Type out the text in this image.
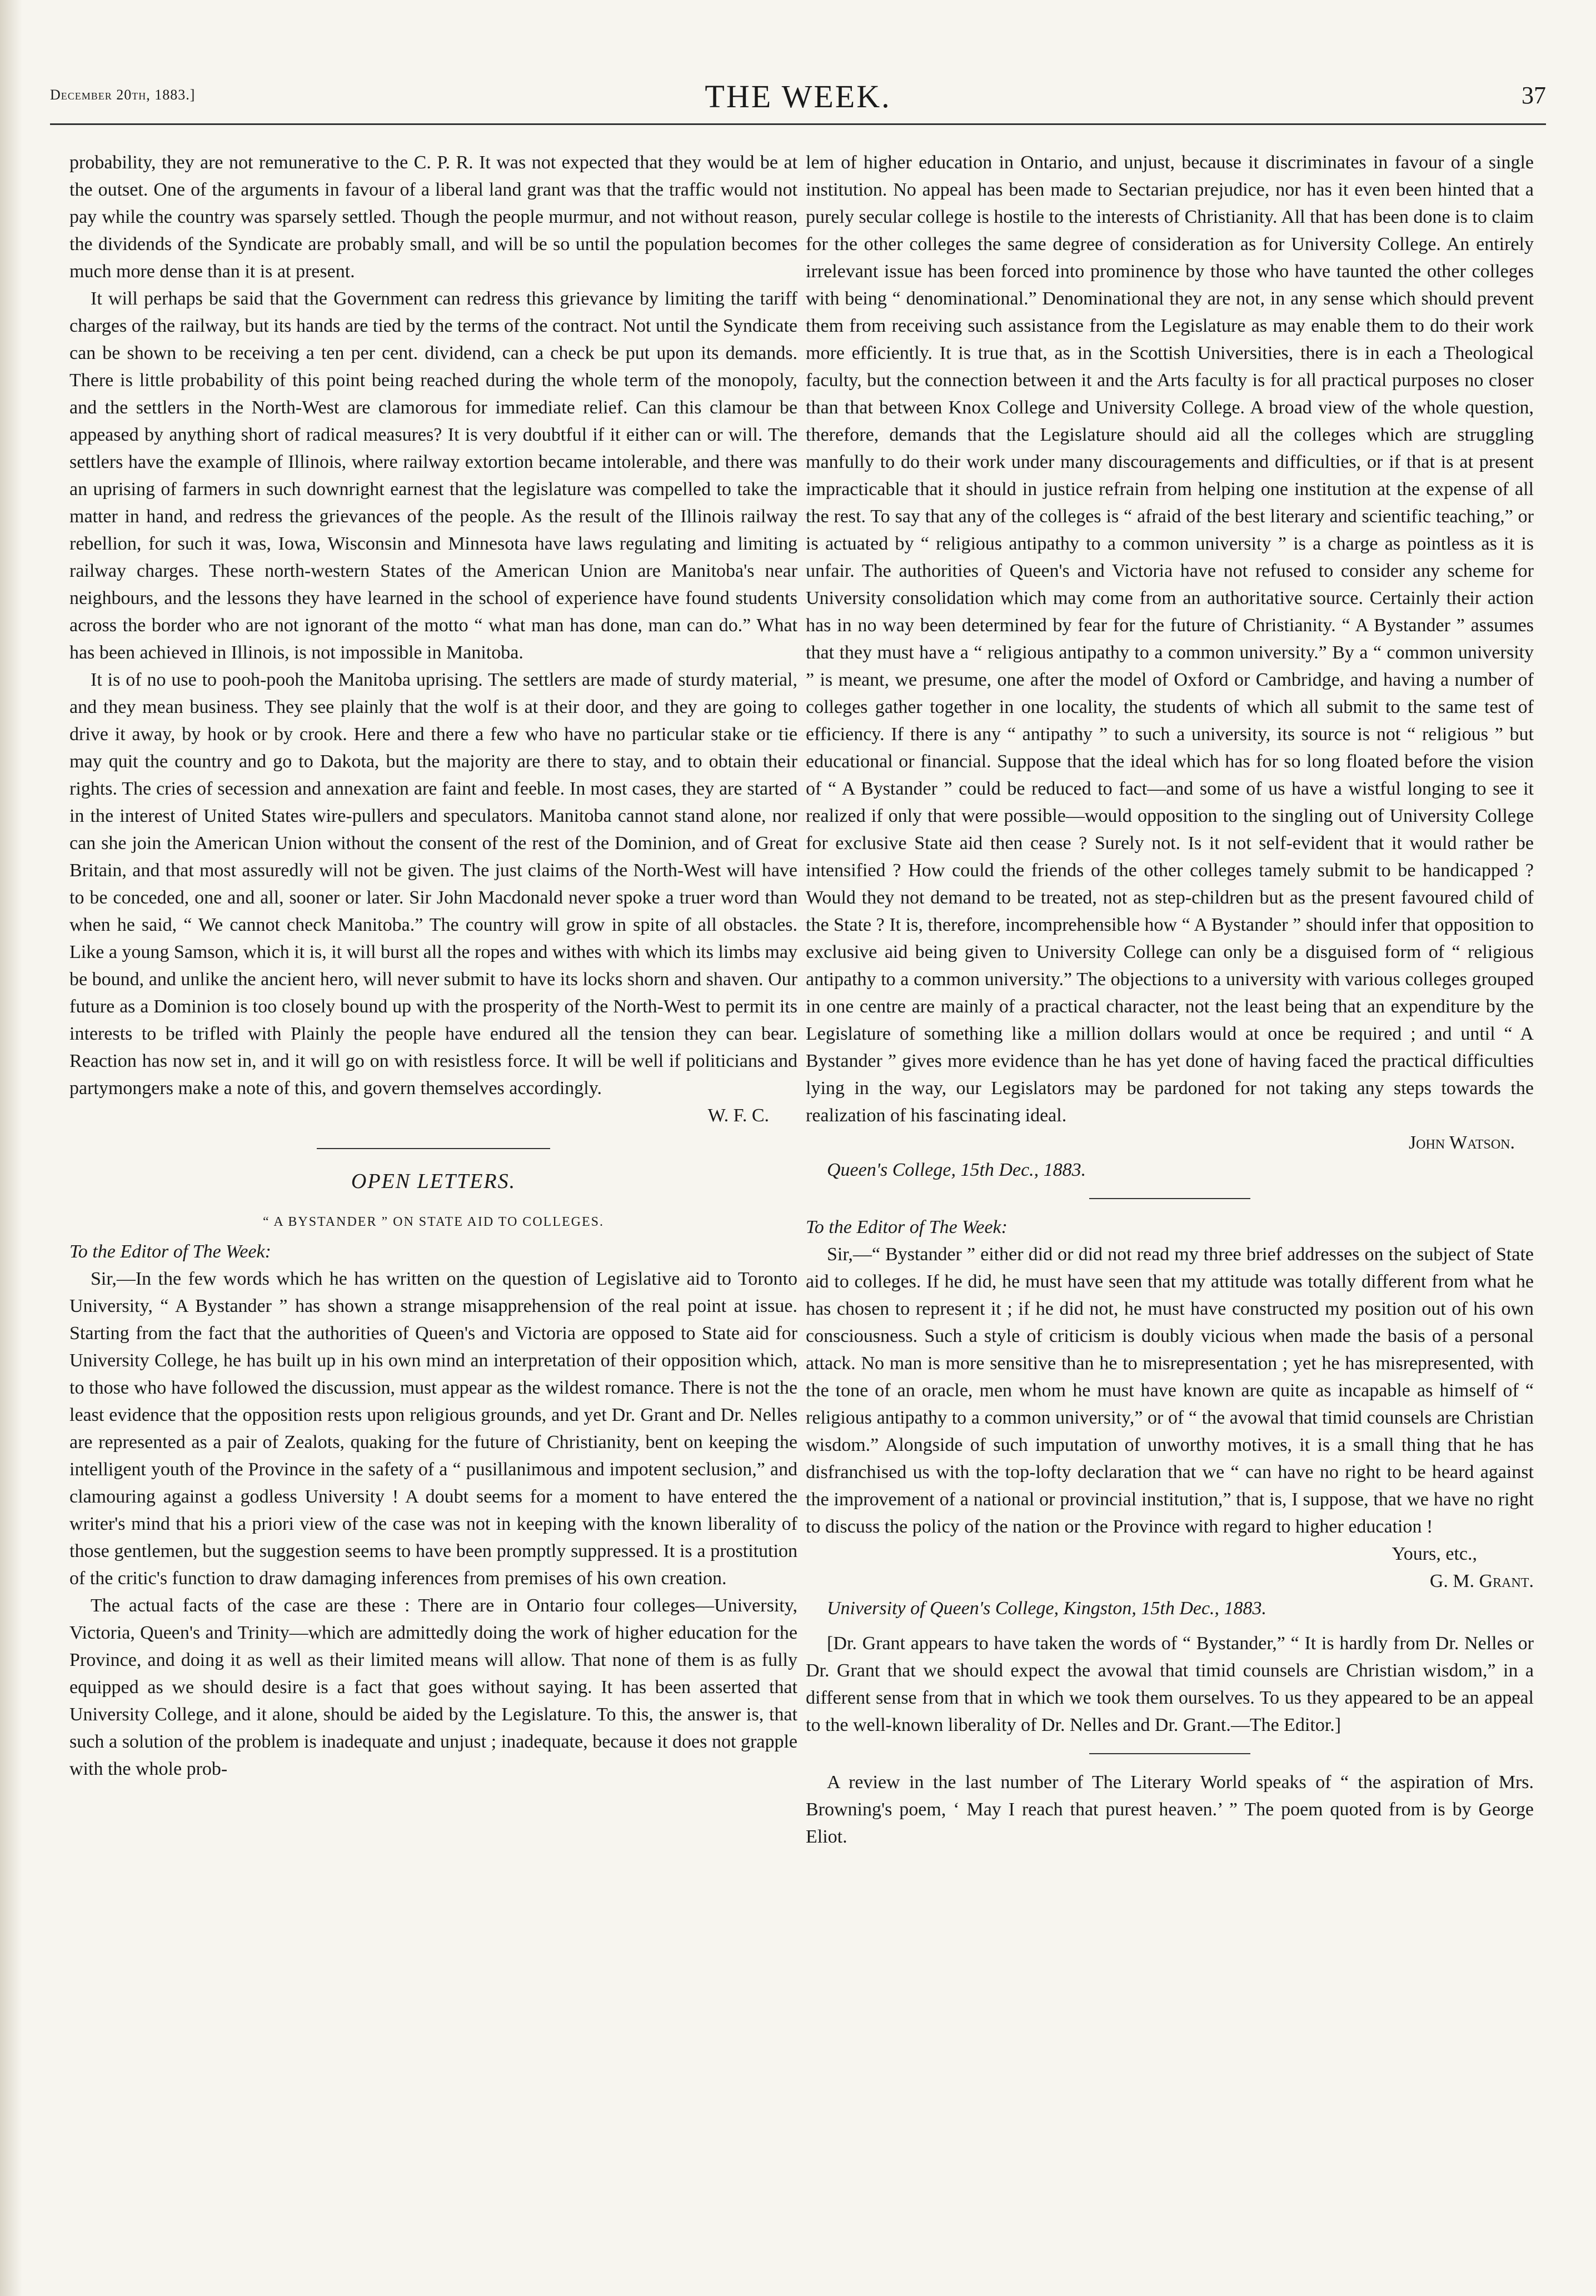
December 20th, 1883.]	THE WEEK.	37

probability, they are not remunerative to the C. P. R. It was not expected that they would be at the outset. One of the arguments in favour of a liberal land grant was that the traffic would not pay while the country was sparsely settled. Though the people murmur, and not without reason, the dividends of the Syndicate are probably small, and will be so until the population becomes much more dense than it is at present.

It will perhaps be said that the Government can redress this grievance by limiting the tariff charges of the railway, but its hands are tied by the terms of the contract. Not until the Syndicate can be shown to be receiving a ten per cent. dividend, can a check be put upon its demands. There is little probability of this point being reached during the whole term of the monopoly, and the settlers in the North-West are clamorous for immediate relief. Can this clamour be appeased by anything short of radical measures? It is very doubtful if it either can or will. The settlers have the example of Illinois, where railway extortion became intolerable, and there was an uprising of farmers in such downright earnest that the legislature was compelled to take the matter in hand, and redress the grievances of the people. As the result of the Illinois railway rebellion, for such it was, Iowa, Wisconsin and Minnesota have laws regulating and limiting railway charges. These north-western States of the American Union are Manitoba's near neighbours, and the lessons they have learned in the school of experience have found students across the border who are not ignorant of the motto “ what man has done, man can do.” What has been achieved in Illinois, is not impossible in Manitoba.

It is of no use to pooh-pooh the Manitoba uprising. The settlers are made of sturdy material, and they mean business. They see plainly that the wolf is at their door, and they are going to drive it away, by hook or by crook. Here and there a few who have no particular stake or tie may quit the country and go to Dakota, but the majority are there to stay, and to obtain their rights. The cries of secession and annexation are faint and feeble. In most cases, they are started in the interest of United States wire-pullers and speculators. Manitoba cannot stand alone, nor can she join the American Union without the consent of the rest of the Dominion, and of Great Britain, and that most assuredly will not be given. The just claims of the North-West will have to be conceded, one and all, sooner or later. Sir John Macdonald never spoke a truer word than when he said, “ We cannot check Manitoba.” The country will grow in spite of all obstacles. Like a young Samson, which it is, it will burst all the ropes and withes with which its limbs may be bound, and unlike the ancient hero, will never submit to have its locks shorn and shaven. Our future as a Dominion is too closely bound up with the prosperity of the North-West to permit its interests to be trifled with Plainly the people have endured all the tension they can bear. Reaction has now set in, and it will go on with resistless force. It will be well if politicians and partymongers make a note of this, and govern themselves accordingly.

W. F. C.
OPEN LETTERS.
“ A BYSTANDER ” ON STATE AID TO COLLEGES.

To the Editor of The Week:

Sir,—In the few words which he has written on the question of Legislative aid to Toronto University, “ A Bystander ” has shown a strange misapprehension of the real point at issue. Starting from the fact that the authorities of Queen's and Victoria are opposed to State aid for University College, he has built up in his own mind an interpretation of their opposition which, to those who have followed the discussion, must appear as the wildest romance. There is not the least evidence that the opposition rests upon religious grounds, and yet Dr. Grant and Dr. Nelles are represented as a pair of Zealots, quaking for the future of Christianity, bent on keeping the intelligent youth of the Province in the safety of a “ pusillanimous and impotent seclusion,” and clamouring against a godless University ! A doubt seems for a moment to have entered the writer's mind that his a priori view of the case was not in keeping with the known liberality of those gentlemen, but the suggestion seems to have been promptly suppressed. It is a prostitution of the critic's function to draw damaging inferences from premises of his own creation.

The actual facts of the case are these : There are in Ontario four colleges—University, Victoria, Queen's and Trinity—which are admittedly doing the work of higher education for the Province, and doing it as well as their limited means will allow. That none of them is as fully equipped as we should desire is a fact that goes without saying. It has been asserted that University College, and it alone, should be aided by the Legislature. To this, the answer is, that such a solution of the problem is inadequate and unjust ; inadequate, because it does not grapple with the whole prob-

lem of higher education in Ontario, and unjust, because it discriminates in favour of a single institution. No appeal has been made to Sectarian prejudice, nor has it even been hinted that a purely secular college is hostile to the interests of Christianity. All that has been done is to claim for the other colleges the same degree of consideration as for University College. An entirely irrelevant issue has been forced into prominence by those who have taunted the other colleges with being “ denominational.” Denominational they are not, in any sense which should prevent them from receiving such assistance from the Legislature as may enable them to do their work more efficiently. It is true that, as in the Scottish Universities, there is in each a Theological faculty, but the connection between it and the Arts faculty is for all practical purposes no closer than that between Knox College and University College. A broad view of the whole question, therefore, demands that the Legislature should aid all the colleges which are struggling manfully to do their work under many discouragements and difficulties, or if that is at present impracticable that it should in justice refrain from helping one institution at the expense of all the rest. To say that any of the colleges is “ afraid of the best literary and scientific teaching,” or is actuated by “ religious antipathy to a common university ” is a charge as pointless as it is unfair. The authorities of Queen's and Victoria have not refused to consider any scheme for University consolidation which may come from an authoritative source. Certainly their action has in no way been determined by fear for the future of Christianity. “ A Bystander ” assumes that they must have a “ religious antipathy to a common university.” By a “ common university ” is meant, we presume, one after the model of Oxford or Cambridge, and having a number of colleges gather together in one locality, the students of which all submit to the same test of efficiency. If there is any “ antipathy ” to such a university, its source is not “ religious ” but educational or financial. Suppose that the ideal which has for so long floated before the vision of “ A Bystander ” could be reduced to fact—and some of us have a wistful longing to see it realized if only that were possible—would opposition to the singling out of University College for exclusive State aid then cease ? Surely not. Is it not self-evident that it would rather be intensified ? How could the friends of the other colleges tamely submit to be handicapped ? Would they not demand to be treated, not as step-children but as the present favoured child of the State ? It is, therefore, incomprehensible how “ A Bystander ” should infer that opposition to exclusive aid being given to University College can only be a disguised form of “ religious antipathy to a common university.” The objections to a university with various colleges grouped in one centre are mainly of a practical character, not the least being that an expenditure by the Legislature of something like a million dollars would at once be required ; and until “ A Bystander ” gives more evidence than he has yet done of having faced the practical difficulties lying in the way, our Legislators may be pardoned for not taking any steps towards the realization of his fascinating ideal.

John Watson.

Queen's College, 15th Dec., 1883.

To the Editor of The Week:

Sir,—“ Bystander ” either did or did not read my three brief addresses on the subject of State aid to colleges. If he did, he must have seen that my attitude was totally different from what he has chosen to represent it ; if he did not, he must have constructed my position out of his own consciousness. Such a style of criticism is doubly vicious when made the basis of a personal attack. No man is more sensitive than he to misrepresentation ; yet he has misrepresented, with the tone of an oracle, men whom he must have known are quite as incapable as himself of “ religious antipathy to a common university,” or of “ the avowal that timid counsels are Christian wisdom.” Alongside of such imputation of unworthy motives, it is a small thing that he has disfranchised us with the top-lofty declaration that we “ can have no right to be heard against the improvement of a national or provincial institution,” that is, I suppose, that we have no right to discuss the policy of the nation or the Province with regard to higher education !

Yours, etc.,
G. M. Grant.

University of Queen's College, Kingston, 15th Dec., 1883.

[Dr. Grant appears to have taken the words of “ Bystander,” “ It is hardly from Dr. Nelles or Dr. Grant that we should expect the avowal that timid counsels are Christian wisdom,” in a different sense from that in which we took them ourselves. To us they appeared to be an appeal to the well-known liberality of Dr. Nelles and Dr. Grant.—The Editor.]

A review in the last number of The Literary World speaks of “ the aspiration of Mrs. Browning's poem, ‘ May I reach that purest heaven.’ ” The poem quoted from is by George Eliot.
